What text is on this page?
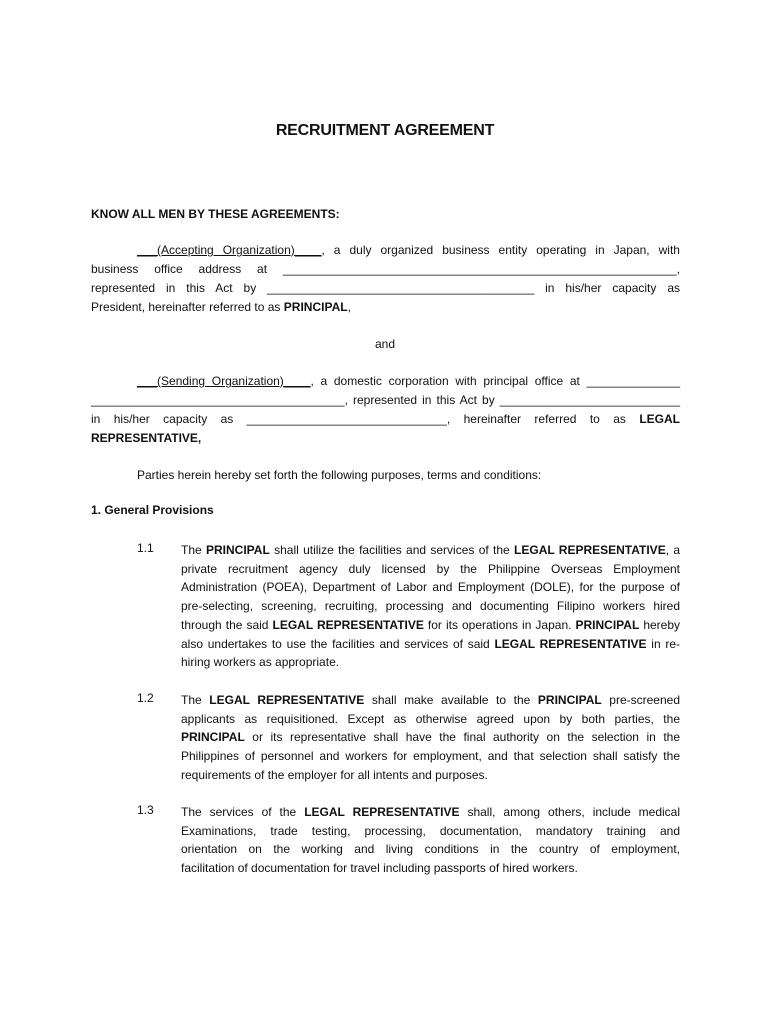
RECRUITMENT AGREEMENT
KNOW ALL MEN BY THESE AGREEMENTS:
___(Accepting Organization)____, a duly organized business entity operating in Japan, with
business office address at ___________________________________________________________,
represented in this Act by ________________________________________ in his/her capacity as
President, hereinafter referred to as PRINCIPAL,
and
___(Sending Organization)____, a domestic corporation with principal office at ______________
______________________________________, represented in this Act by ___________________________
in his/her capacity as ______________________________, hereinafter referred to as LEGAL
REPRESENTATIVE,
Parties herein hereby set forth the following purposes, terms and conditions:
1. General Provisions
1.1 The PRINCIPAL shall utilize the facilities and services of the LEGAL REPRESENTATIVE, a
private recruitment agency duly licensed by the Philippine Overseas Employment
Administration (POEA), Department of Labor and Employment (DOLE), for the purpose of
pre-selecting, screening, recruiting, processing and documenting Filipino workers hired
through the said LEGAL REPRESENTATIVE for its operations in Japan. PRINCIPAL hereby
also undertakes to use the facilities and services of said LEGAL REPRESENTATIVE in re-
hiring workers as appropriate.
1.2 The LEGAL REPRESENTATIVE shall make available to the PRINCIPAL pre-screened
applicants as requisitioned. Except as otherwise agreed upon by both parties, the
PRINCIPAL or its representative shall have the final authority on the selection in the
Philippines of personnel and workers for employment, and that selection shall satisfy the
requirements of the employer for all intents and purposes.
1.3 The services of the LEGAL REPRESENTATIVE shall, among others, include medical
Examinations, trade testing, processing, documentation, mandatory training and
orientation on the working and living conditions in the country of employment,
facilitation of documentation for travel including passports of hired workers.
